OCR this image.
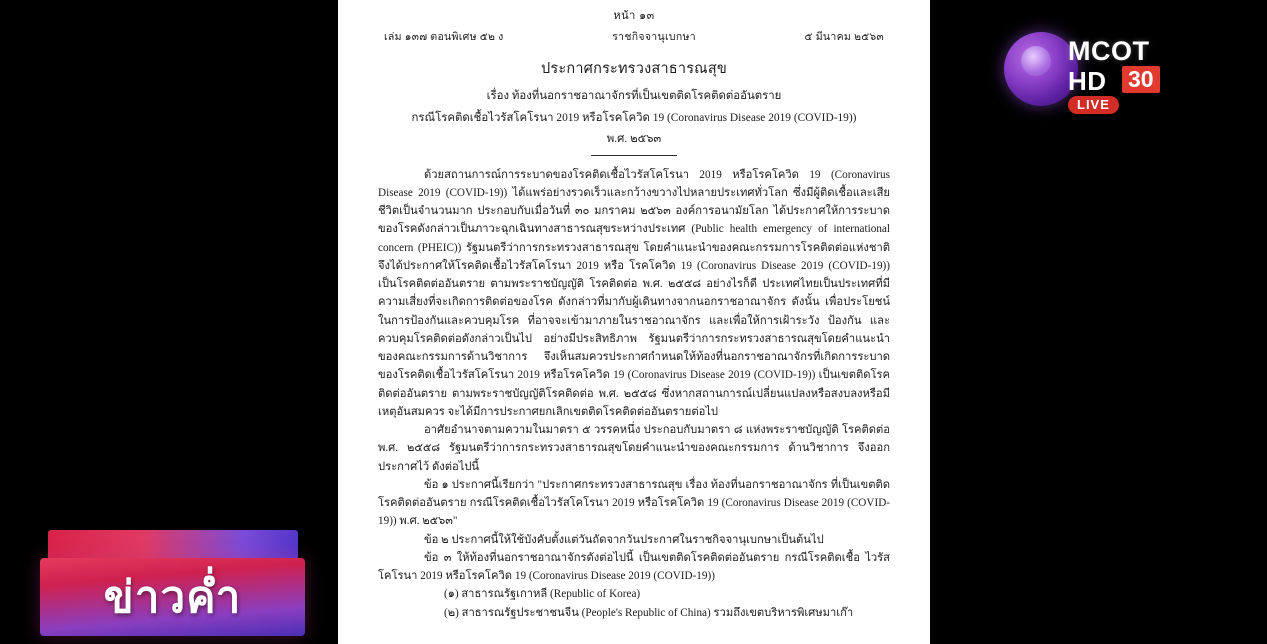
หน้า ๑๓
เล่ม ๑๓๗ ตอนพิเศษ ๕๒ ง	ราชกิจจานุเบกษา	๕ มีนาคม ๒๕๖๓
ประกาศกระทรวงสาธารณสุข
เรื่อง ท้องที่นอกราชอาณาจักรที่เป็นเขตติดโรคติดต่ออันตราย
กรณีโรคติดเชื้อไวรัสโคโรนา 2019 หรือโรคโควิด 19 (Coronavirus Disease 2019 (COVID-19))
พ.ศ. ๒๕๖๓

ด้วยสถานการณ์การระบาดของโรคติดเชื้อไวรัสโคโรนา 2019 หรือโรคโควิด 19 (Coronavirus Disease 2019 (COVID-19)) ได้แพร่อย่างรวดเร็วและกว้างขวางไปหลายประเทศทั่วโลก ซึ่งมีผู้ติดเชื้อและเสียชีวิตเป็นจำนวนมาก ประกอบกับเมื่อวันที่ ๓๐ มกราคม ๒๕๖๓ องค์การอนามัยโลก ได้ประกาศให้การระบาดของโรคดังกล่าวเป็นภาวะฉุกเฉินทางสาธารณสุขระหว่างประเทศ (Public health emergency of international concern (PHEIC)) รัฐมนตรีว่าการกระทรวงสาธารณสุข โดยคำแนะนำของคณะกรรมการโรคติดต่อแห่งชาติจึงได้ประกาศให้โรคติดเชื้อไวรัสโคโรนา 2019 หรือ โรคโควิด 19 (Coronavirus Disease 2019 (COVID-19)) เป็นโรคติดต่ออันตราย ตามพระราชบัญญัติ โรคติดต่อ พ.ศ. ๒๕๕๘ อย่างไรก็ดี ประเทศไทยเป็นประเทศที่มีความเสี่ยงที่จะเกิดการติดต่อของโรค ดังกล่าวที่มากับผู้เดินทางจากนอกราชอาณาจักร ดังนั้น เพื่อประโยชน์ในการป้องกันและควบคุมโรค ที่อาจจะเข้ามาภายในราชอาณาจักร และเพื่อให้การเฝ้าระวัง ป้องกัน และควบคุมโรคติดต่อดังกล่าวเป็นไป อย่างมีประสิทธิภาพ รัฐมนตรีว่าการกระทรวงสาธารณสุขโดยคำแนะนำของคณะกรรมการด้านวิชาการ จึงเห็นสมควรประกาศกำหนดให้ท้องที่นอกราชอาณาจักรที่เกิดการระบาดของโรคติดเชื้อไวรัสโคโรนา 2019 หรือโรคโควิด 19 (Coronavirus Disease 2019 (COVID-19)) เป็นเขตติดโรคติดต่ออันตราย ตามพระราชบัญญัติโรคติดต่อ พ.ศ. ๒๕๕๘ ซึ่งหากสถานการณ์เปลี่ยนแปลงหรือสงบลงหรือมีเหตุอันสมควร จะได้มีการประกาศยกเลิกเขตติดโรคติดต่ออันตรายต่อไป

อาศัยอำนาจตามความในมาตรา ๕ วรรคหนึ่ง ประกอบกับมาตรา ๘ แห่งพระราชบัญญัติ โรคติดต่อ พ.ศ. ๒๕๕๘ รัฐมนตรีว่าการกระทรวงสาธารณสุขโดยคำแนะนำของคณะกรรมการ ด้านวิชาการ จึงออกประกาศไว้ ดังต่อไปนี้

ข้อ ๑ ประกาศนี้เรียกว่า "ประกาศกระทรวงสาธารณสุข เรื่อง ท้องที่นอกราชอาณาจักร ที่เป็นเขตติดโรคติดต่ออันตราย กรณีโรคติดเชื้อไวรัสโคโรนา 2019 หรือโรคโควิด 19 (Coronavirus Disease 2019 (COVID-19)) พ.ศ. ๒๕๖๓"

ข้อ ๒ ประกาศนี้ให้ใช้บังคับตั้งแต่วันถัดจากวันประกาศในราชกิจจานุเบกษาเป็นต้นไป

ข้อ ๓ ให้ท้องที่นอกราชอาณาจักรดังต่อไปนี้ เป็นเขตติดโรคติดต่ออันตราย กรณีโรคติดเชื้อ ไวรัสโคโรนา 2019 หรือโรคโควิด 19 (Coronavirus Disease 2019 (COVID-19))

(๑) สาธารณรัฐเกาหลี (Republic of Korea)

(๒) สาธารณรัฐประชาชนจีน (People's Republic of China) รวมถึงเขตบริหารพิเศษมาเก๊า

MCOT
HD 30
LIVE
ข่าวค่ำ
